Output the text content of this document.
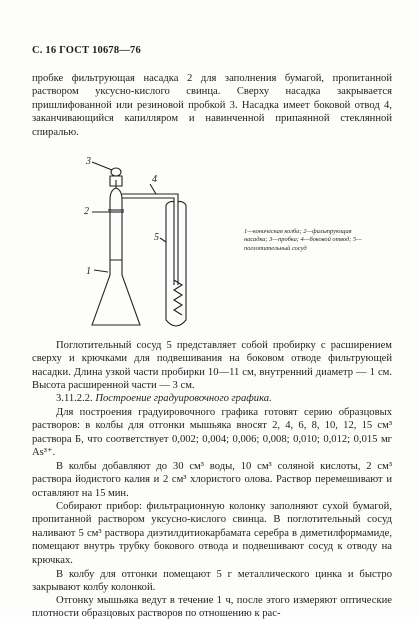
С. 16 ГОСТ 10678—76
пробке фильтрующая насадка 2 для заполнения бумагой, пропитанной раствором уксусно-кислого свинца. Сверху насадка закрывается пришлифованной или резиновой пробкой 3. Насадка имеет боковой отвод 4, заканчивающийся капилляром и навинченной припаянной стеклянной спиралью.
3
4
2
5
1
1—коническая колба; 2—фильтрующая насадка; 3—пробка; 4—боковой отвод; 5—поглотительный сосуд
Поглотительный сосуд 5 представляет собой пробирку с расширением сверху и крючками для подвешивания на боковом отводе фильтрующей насадки. Длина узкой части пробирки 10—11 см, внутренний диаметр — 1 см. Высота расширенной части — 3 см.
3.11.2.2. Построение градуировочного графика.
Для построения градуировочного графика готовят серию образцовых растворов: в колбы для отгонки мышьяка вносят 2, 4, 6, 8, 10, 12, 15 см³ раствора Б, что соответствует 0,002; 0,004; 0,006; 0,008; 0,010; 0,012; 0,015 мг As³⁺.
В колбы добавляют до 30 см³ воды, 10 см³ соляной кислоты, 2 см³ раствора йодистого калия и 2 см³ хлористого олова. Раствор перемешивают и оставляют на 15 мин.
Собирают прибор: фильтрационную колонку заполняют сухой бумагой, пропитанной раствором уксусно-кислого свинца. В поглотительный сосуд наливают 5 см³ раствора диэтилдитиокарбамата серебра в диметилформамиде, помещают внутрь трубку бокового отвода и подвешивают сосуд к отводу на крючках.
В колбу для отгонки помещают 5 г металлического цинка и быстро закрывают колбу колонкой.
Отгонку мышьяка ведут в течение 1 ч, после этого измеряют оптические плотности образцовых растворов по отношению к рас-
